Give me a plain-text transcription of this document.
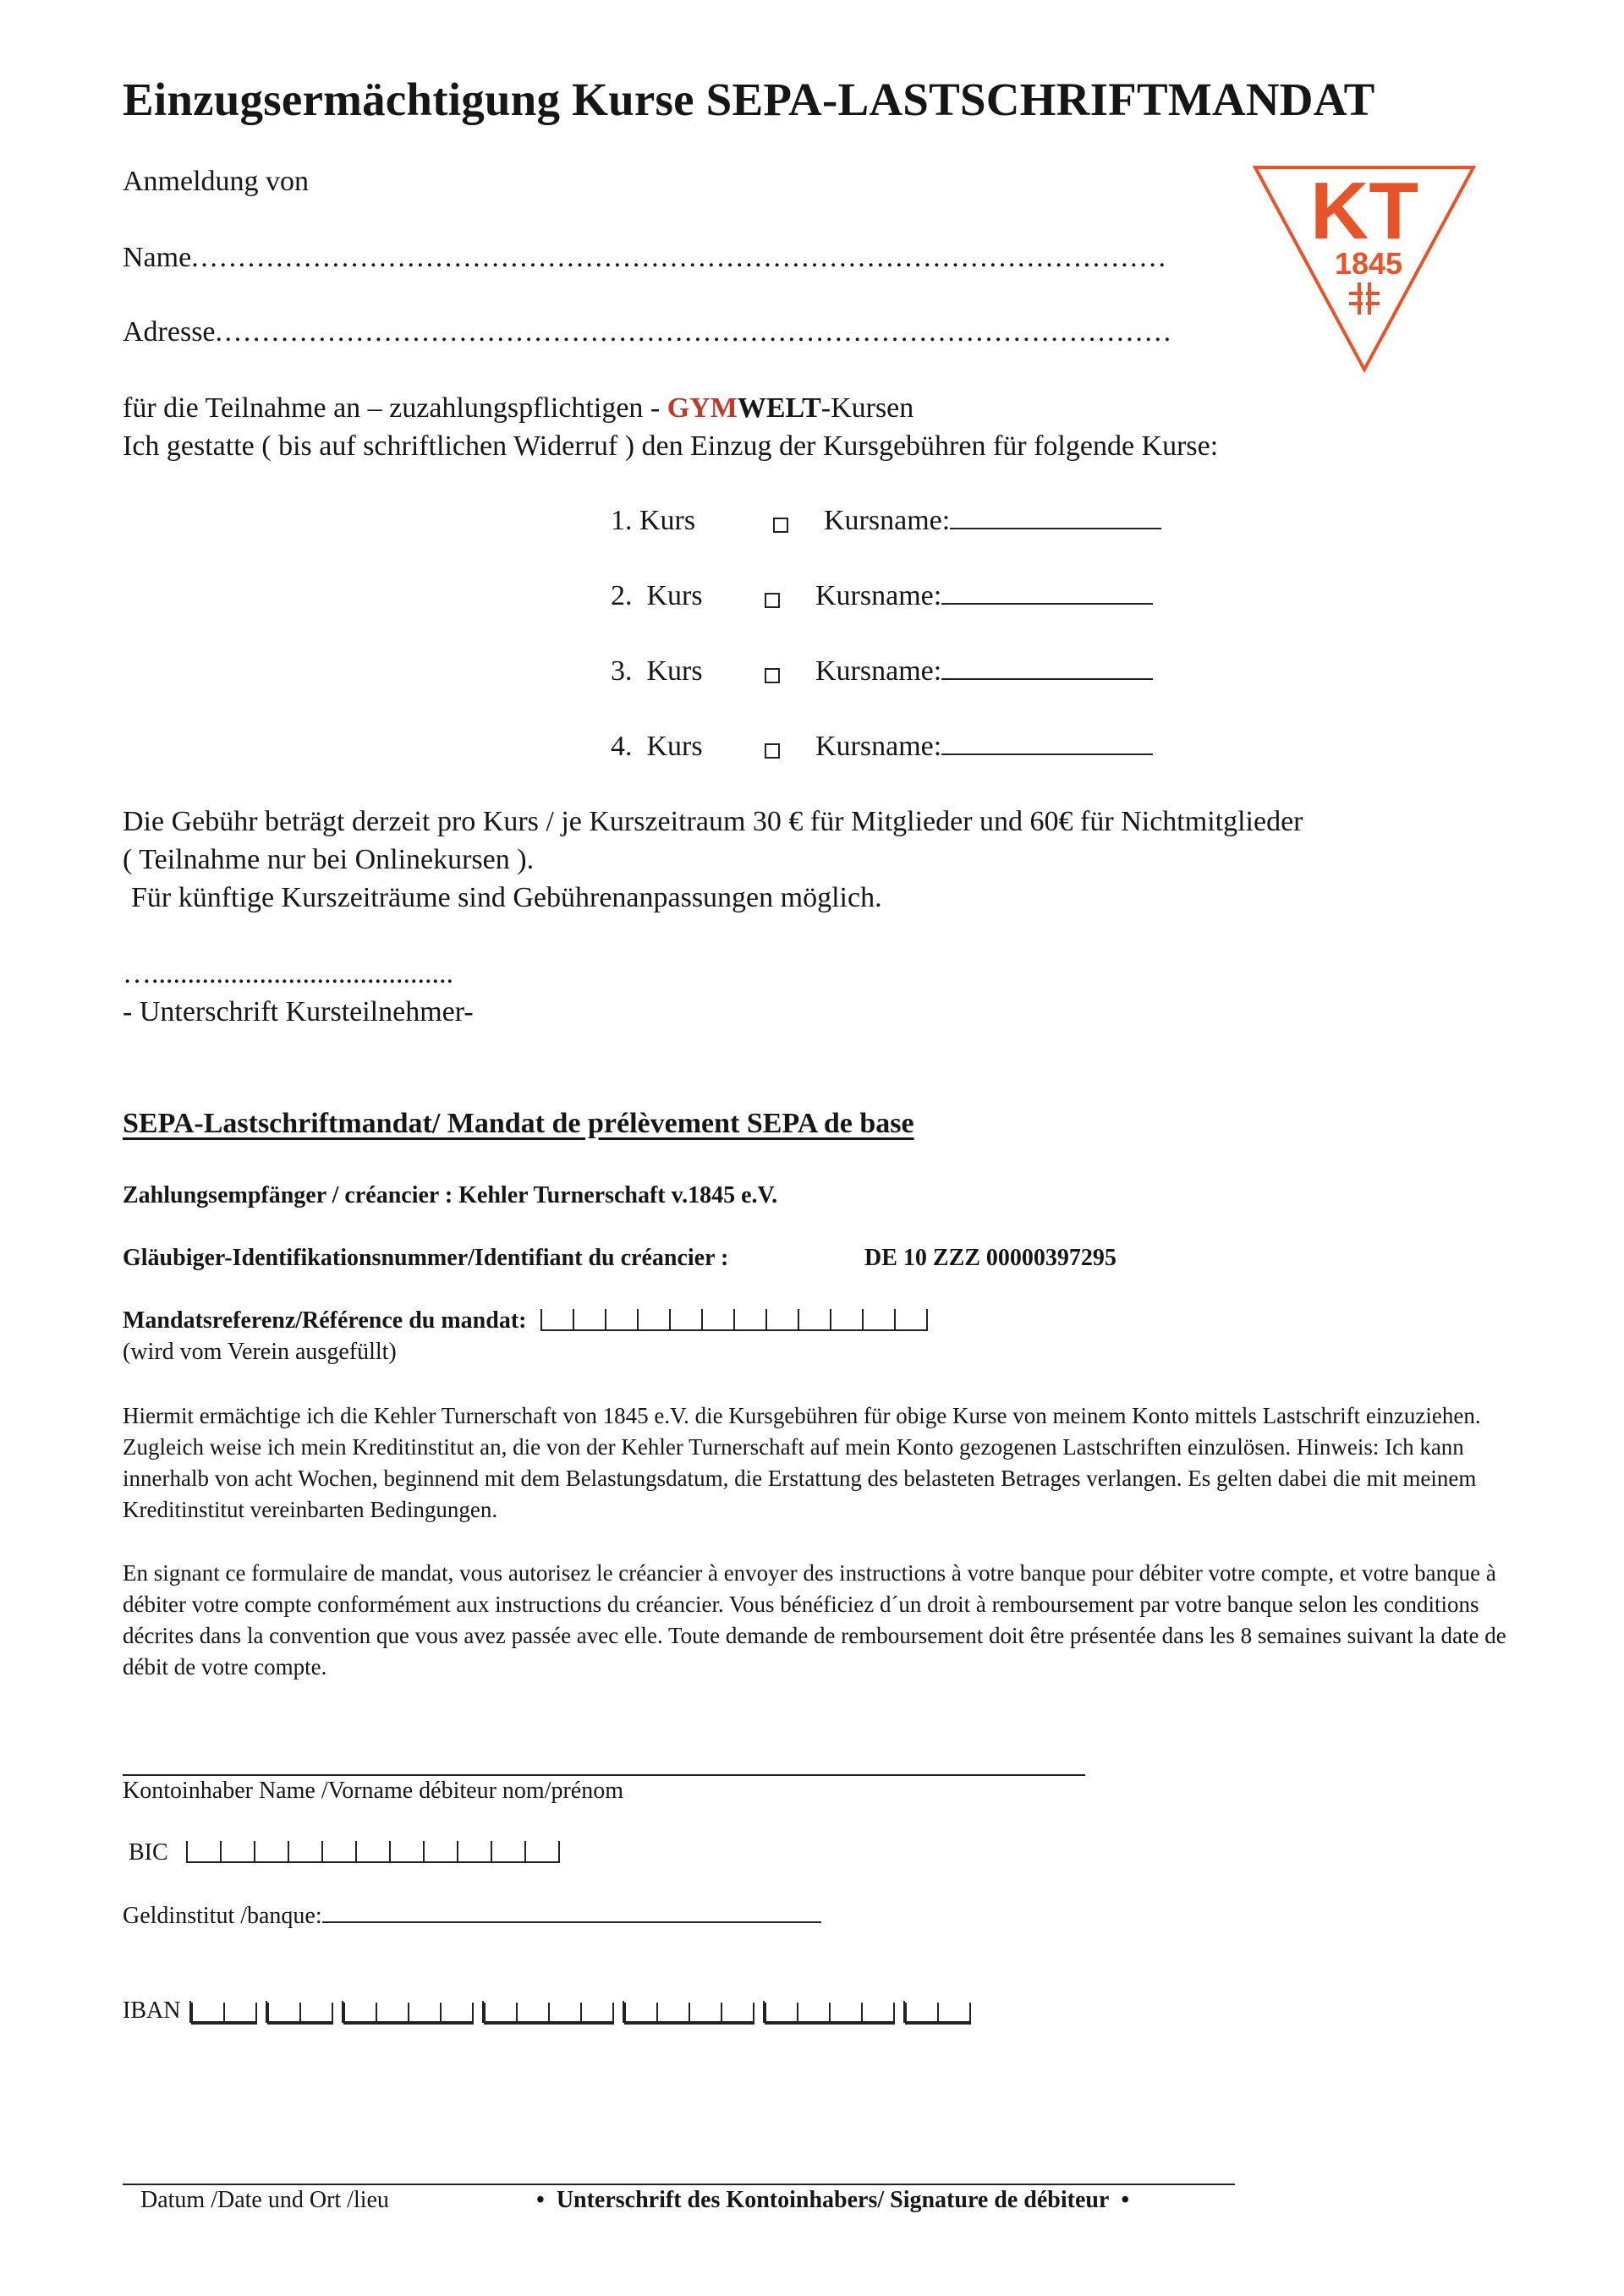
Einzugsermächtigung Kurse SEPA-LASTSCHRIFTMANDAT
KT
1845
Anmeldung von
Name........................................................................................................
Adresse......................................................................................................
für die Teilnahme an – zuzahlungspflichtigen - GYMWELT-Kursen
Ich gestatte ( bis auf schriftlichen Widerruf ) den Einzug der Kursgebühren für folgende Kurse:
1. Kurs	Kursname:
2. Kurs	Kursname:
3. Kurs	Kursname:
4. Kurs	Kursname:
Die Gebühr beträgt derzeit pro Kurs / je Kurszeitraum 30 € für Mitglieder und 60€ für Nichtmitglieder
( Teilnahme nur bei Onlinekursen ).
Für künftige Kurszeiträume sind Gebührenanpassungen möglich.
…..........................................
- Unterschrift Kursteilnehmer-
SEPA-Lastschriftmandat/ Mandat de prélèvement SEPA de base
Zahlungsempfänger / créancier : Kehler Turnerschaft v.1845 e.V.
Gläubiger-Identifikationsnummer/Identifiant du créancier :	DE 10 ZZZ 00000397295
Mandatsreferenz/Référence du mandat:
(wird vom Verein ausgefüllt)
Hiermit ermächtige ich die Kehler Turnerschaft von 1845 e.V. die Kursgebühren für obige Kurse von meinem Konto mittels Lastschrift einzuziehen. Zugleich weise ich mein Kreditinstitut an, die von der Kehler Turnerschaft auf mein Konto gezogenen Lastschriften einzulösen. Hinweis: Ich kann innerhalb von acht Wochen, beginnend mit dem Belastungsdatum, die Erstattung des belasteten Betrages verlangen. Es gelten dabei die mit meinem Kreditinstitut vereinbarten Bedingungen.
En signant ce formulaire de mandat, vous autorisez le créancier à envoyer des instructions à votre banque pour débiter votre compte, et votre banque à débiter votre compte conformément aux instructions du créancier. Vous bénéficiez d´un droit à remboursement par votre banque selon les conditions décrites dans la convention que vous avez passée avec elle. Toute demande de remboursement doit être présentée dans les 8 semaines suivant la date de débit de votre compte.
Kontoinhaber Name /Vorname débiteur nom/prénom
BIC
Geldinstitut /banque:
IBAN
Datum /Date und Ort /lieu	• Unterschrift des Kontoinhabers/ Signature de débiteur •
